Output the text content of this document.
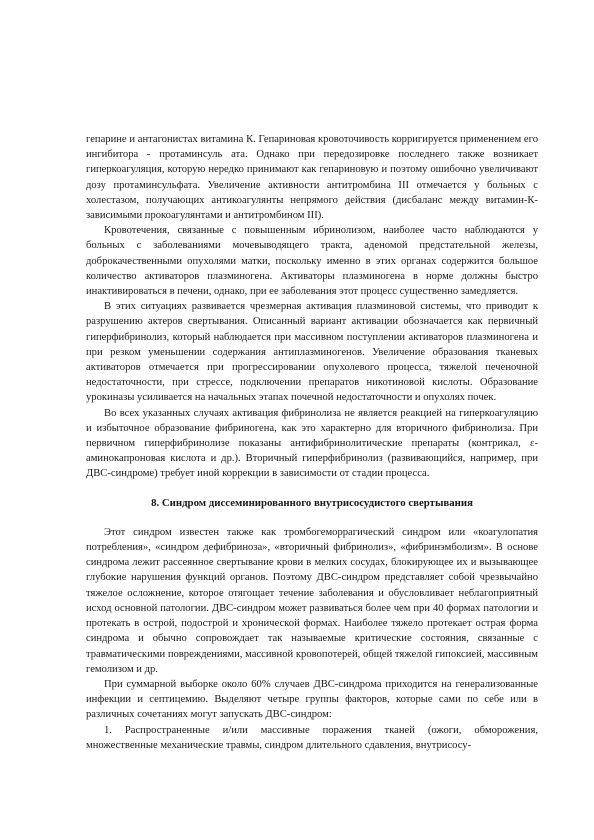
гепарине и антагонистах витамина К. Гепариновая кровоточивость корригируется применением его ингибитора - протаминсуль ата. Однако при передозировке последнего также возникает гиперкоагуляция, которую нередко принимают как гепариновую и поэтому ошибочно увеличивают дозу протаминсульфата. Увеличение активности антитромбина III отмечается у больных с холестазом, получающих антикоагулянты непрямого действия (дисбаланс между витамин-К-зависимыми прокоагулянтами и антитромбином III).

Кровотечения, связанные с повышенным ибринолизом, наиболее часто наблюдаются у больных с заболеваниями мочевыводящего тракта, аденомой предстательной железы, доброкачественными опухолями матки, поскольку именно в этих органах содержится большое количество активаторов плазминогена. Активаторы плазминогена в норме должны быстро инактивироваться в печени, однако, при ее заболевания этот процесс существенно замедляется.

В этих ситуациях развивается чрезмерная активация плазминовой системы, что приводит к разрушению актеров свертывания. Описанный вариант активации обозначается как первичный гиперфибринолиз, который наблюдается при массивном поступлении активаторов плазминогена и при резком уменьшении содержания антиплазминогенов. Увеличение образования тканевых активаторов отмечается при прогрессировании опухолевого процесса, тяжелой печеночной недостаточности, при стрессе, подключении препаратов никотиновой кислоты. Образование урокиназы усиливается на начальных этапах почечной недостаточности и опухолях почек.

Во всех указанных случаях активация фибринолиза не является реакцией на гиперкоагуляцию и избыточное образование фибриногена, как это характерно для вторичного фибринолиза. При первичном гиперфибринолизе показаны антифибринолитические препараты (контрикал, ε-аминокапроновая кислота и др.). Вторичный гиперфибринолиз (развивающийся, например, при ДВС-синдроме) требует иной коррекции в зависимости от стадии процесса.

8. Синдром диссеминированного внутрисосудистого свертывания

Этот синдром известен также как тромбогеморрагический синдром или «коагулопатия потребления», «синдром дефибриноза», «вторичный фибринолиз», «фибринэмболизм». В основе синдрома лежит рассеянное свертывание крови в мелких сосудах, блокирующее их и вызывающее глубокие нарушения функций органов. Поэтому ДВС-синдром представляет собой чрезвычайно тяжелое осложнение, которое отягощает течение заболевания и обусловливает неблагоприятный исход основной патологии. ДВС-синдром может развиваться более чем при 40 формах патологии и протекать в острой, подострой и хронической формах. Наиболее тяжело протекает острая форма синдрома и обычно сопровождает так называемые критические состояния, связанные с травматическими повреждениями, массивной кровопотерей, общей тяжелой гипоксией, массивным гемолизом и др.

При суммарной выборке около 60% случаев ДВС-синдрома приходится на генерализованные инфекции и септицемию. Выделяют четыре группы факторов, которые сами по себе или в различных сочетаниях могут запускать ДВС-синдром:

1. Распространенные и/или массивные поражения тканей (ожоги, обморожения, множественные механические травмы, синдром длительного сдавления, внутрисосу-
